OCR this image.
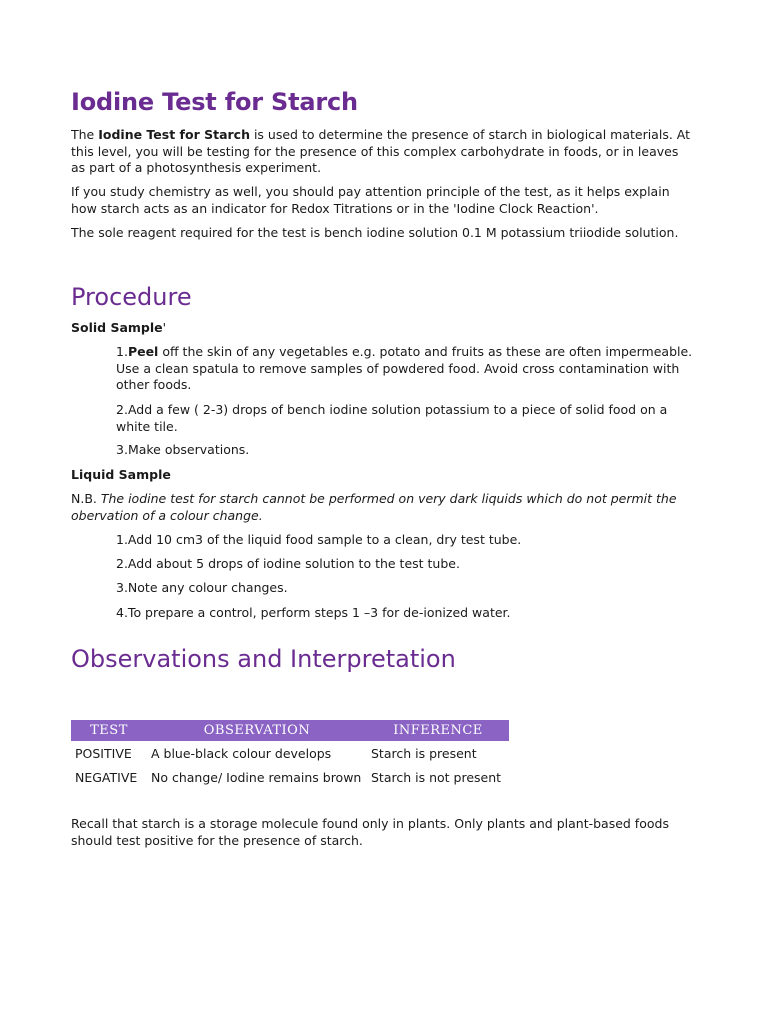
Iodine Test for Starch
The Iodine Test for Starch is used to determine the presence of starch in biological materials. At this level, you will be testing for the presence of this complex carbohydrate in foods, or in leaves as part of a photosynthesis experiment.
If you study chemistry as well, you should pay attention principle of the test, as it helps explain how starch acts as an indicator for Redox Titrations or in the 'Iodine Clock Reaction'.
The sole reagent required for the test is bench iodine solution 0.1 M potassium triiodide solution.
Procedure
Solid Sample'
1.Peel off the skin of any vegetables e.g. potato and fruits as these are often impermeable. Use a clean spatula to remove samples of powdered food. Avoid cross contamination with other foods.
2.Add a few ( 2-3) drops of bench iodine solution potassium to a piece of solid food on a white tile.
3.Make observations.
Liquid Sample
N.B. The iodine test for starch cannot be performed on very dark liquids which do not permit the obervation of a colour change.
1.Add 10 cm3 of the liquid food sample to a clean, dry test tube.
2.Add about 5 drops of iodine solution to the test tube.
3.Note any colour changes.
4.To prepare a control, perform steps 1 –3 for de-ionized water.
Observations and Interpretation
TEST	OBSERVATION	INFERENCE
POSITIVE	A blue-black colour develops	Starch is present
NEGATIVE	No change/ Iodine remains brown	Starch is not present
Recall that starch is a storage molecule found only in plants. Only plants and plant-based foods should test positive for the presence of starch.
